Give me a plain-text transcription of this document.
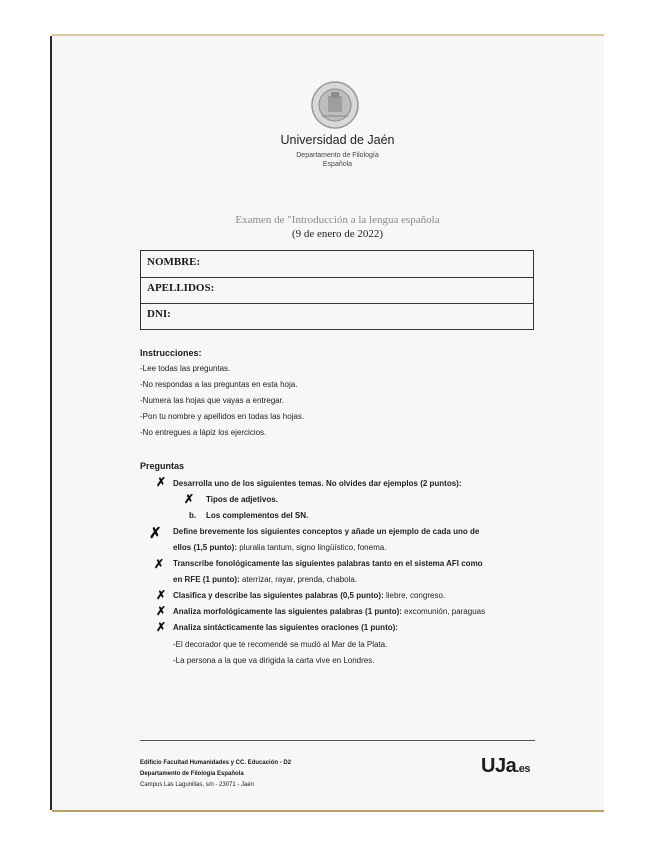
Universidad de Jaén
Departamento de Filología
Española
Examen de "Introducción a la lengua española
(9 de enero de 2022)
NOMBRE:
APELLIDOS:
DNI:
Instrucciones:
-Lee todas las preguntas.
-No respondas a las preguntas en esta hoja.
-Numera las hojas que vayas a entregar.
-Pon tu nombre y apellidos en todas las hojas.
-No entregues a lápiz los ejercicios.
Preguntas
✗ Desarrolla uno de los siguientes temas. No olvides dar ejemplos (2 puntos):
✗ Tipos de adjetivos.
b. Los complementos del SN.
✗ Define brevemente los siguientes conceptos y añade un ejemplo de cada uno de
ellos (1,5 punto): pluralia tantum, signo lingüístico, fonema.
✗ Transcribe fonológicamente las siguientes palabras tanto en el sistema AFI como
en RFE (1 punto): aterrizar, rayar, prenda, chabola.
✗ Clasifica y describe las siguientes palabras (0,5 punto): liebre, congreso.
✗ Analiza morfológicamente las siguientes palabras (1 punto): excomunión, paraguas
✗ Analiza sintácticamente las siguientes oraciones (1 punto):
-El decorador que te recomendé se mudó al Mar de la Plata.
-La persona a la que va dirigida la carta vive en Londres.
Edificio Facultad Humanidades y CC. Educación - D2
Departamento de Filología Española
Campus Las Lagunillas, s/n - 23071 - Jaén
UJa.es
